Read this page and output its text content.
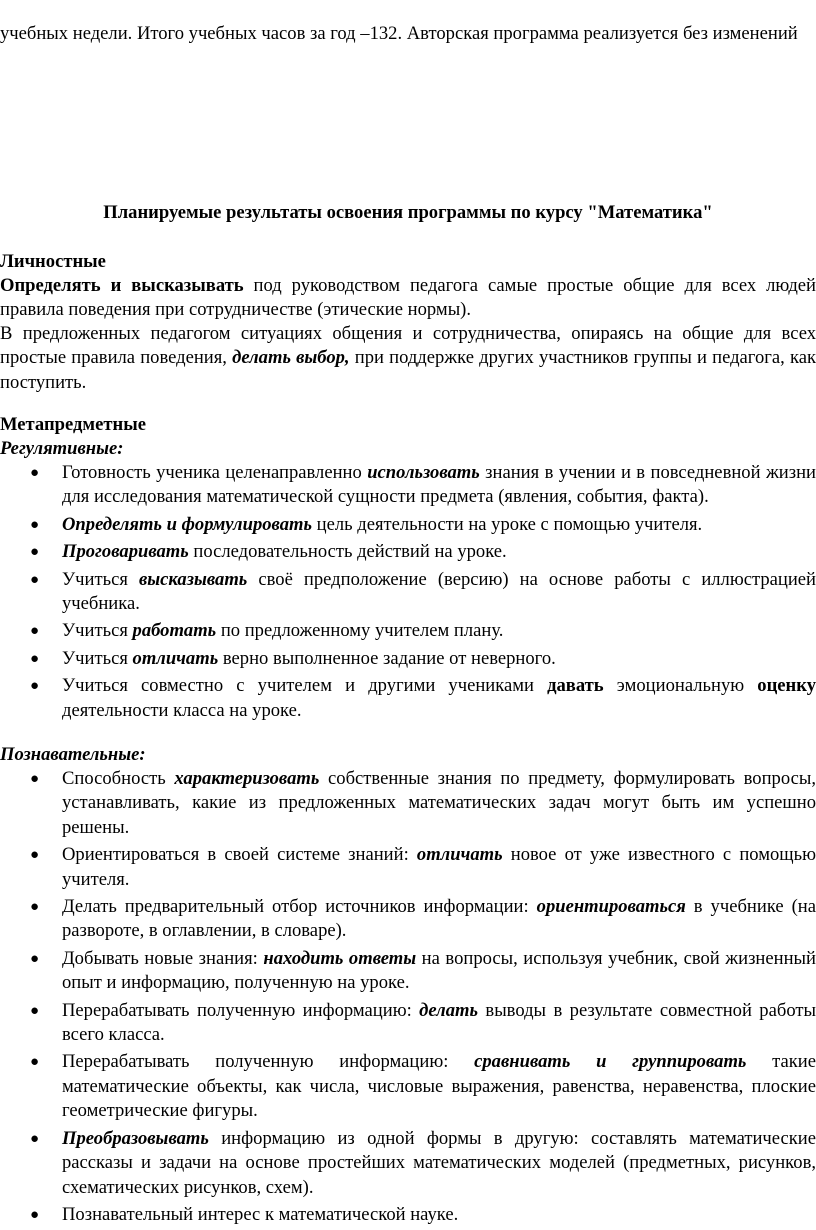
учебных недели. Итого учебных часов за год –132. Авторская программа реализуется без изменений

Планируемые результаты освоения программы по курсу "Математика"

Личностные

Определять и высказывать под руководством педагога самые простые общие для всех людей правила поведения при сотрудничестве (этические нормы).

В предложенных педагогом ситуациях общения и сотрудничества, опираясь на общие для всех простые правила поведения, делать выбор, при поддержке других участников группы и педагога, как поступить.

Метапредметные

Регулятивные:

● Готовность ученика целенаправленно использовать знания в учении и в повседневной жизни для исследования математической сущности предмета (явления, события, факта).
● Определять и формулировать цель деятельности на уроке с помощью учителя.
● Проговаривать последовательность действий на уроке.
● Учиться высказывать своё предположение (версию) на основе работы с иллюстрацией учебника.
● Учиться работать по предложенному учителем плану.
● Учиться отличать верно выполненное задание от неверного.
● Учиться совместно с учителем и другими учениками давать эмоциональную оценку деятельности класса на уроке.

Познавательные:

● Способность характеризовать собственные знания по предмету, формулировать вопросы, устанавливать, какие из предложенных математических задач могут быть им успешно решены.
● Ориентироваться в своей системе знаний: отличать новое от уже известного с помощью учителя.
● Делать предварительный отбор источников информации: ориентироваться в учебнике (на развороте, в оглавлении, в словаре).
● Добывать новые знания: находить ответы на вопросы, используя учебник, свой жизненный опыт и информацию, полученную на уроке.
● Перерабатывать полученную информацию: делать выводы в результате совместной работы всего класса.
● Перерабатывать полученную информацию: сравнивать и группировать такие математические объекты, как числа, числовые выражения, равенства, неравенства, плоские геометрические фигуры.
● Преобразовывать информацию из одной формы в другую: составлять математические рассказы и задачи на основе простейших математических моделей (предметных, рисунков, схематических рисунков, схем).
● Познавательный интерес к математической науке.
